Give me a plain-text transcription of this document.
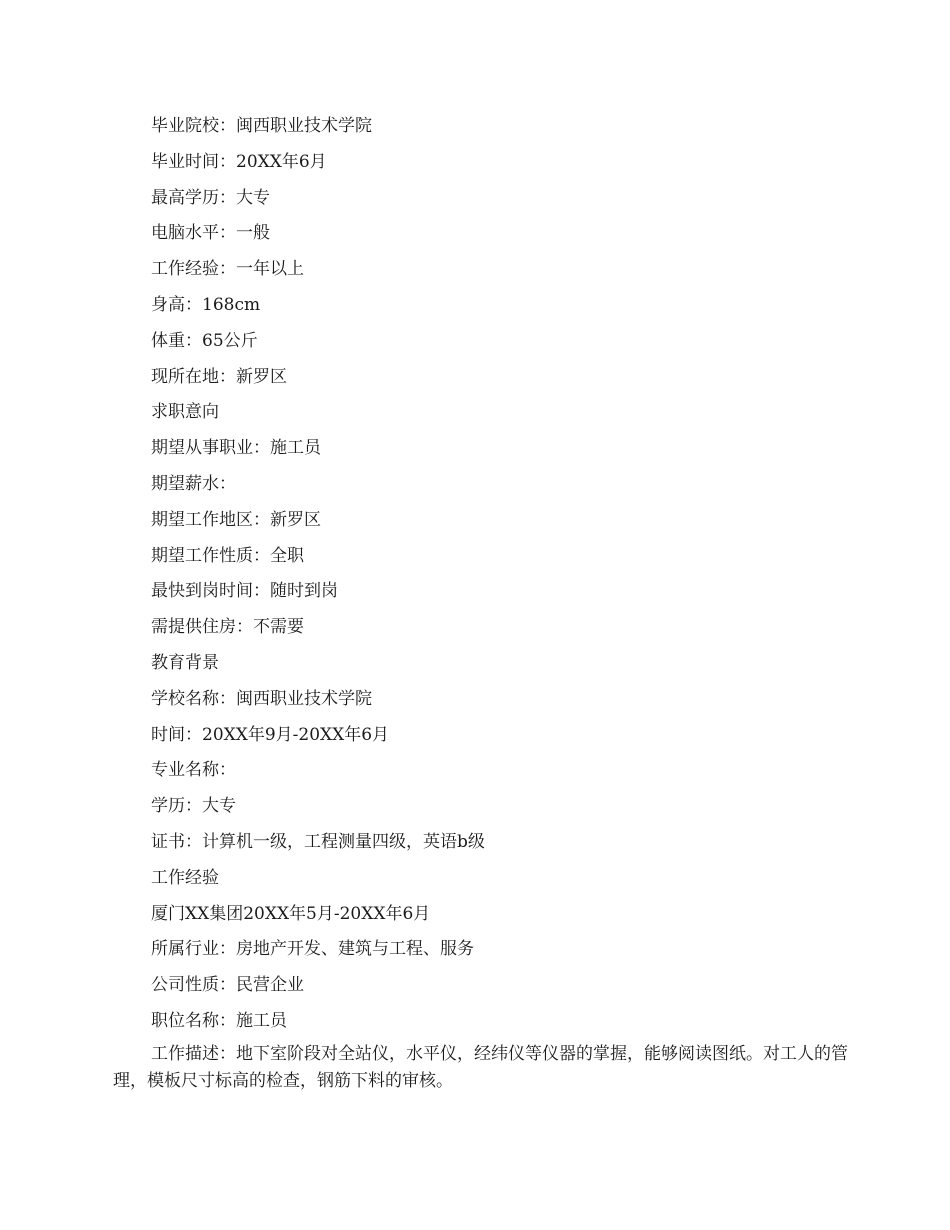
毕业院校：闽西职业技术学院
毕业时间：20XX年6月
最高学历：大专
电脑水平：一般
工作经验：一年以上
身高：168cm
体重：65公斤
现所在地：新罗区
求职意向
期望从事职业：施工员
期望薪水：
期望工作地区：新罗区
期望工作性质：全职
最快到岗时间：随时到岗
需提供住房：不需要
教育背景
学校名称：闽西职业技术学院
时间：20XX年9月-20XX年6月
专业名称：
学历：大专
证书：计算机一级，工程测量四级，英语b级
工作经验
厦门XX集团20XX年5月-20XX年6月
所属行业：房地产开发、建筑与工程、服务
公司性质：民营企业
职位名称：施工员
工作描述：地下室阶段对全站仪，水平仪，经纬仪等仪器的掌握，能够阅读图纸。对工人的管理，模板尺寸标高的检查，钢筋下料的审核。
